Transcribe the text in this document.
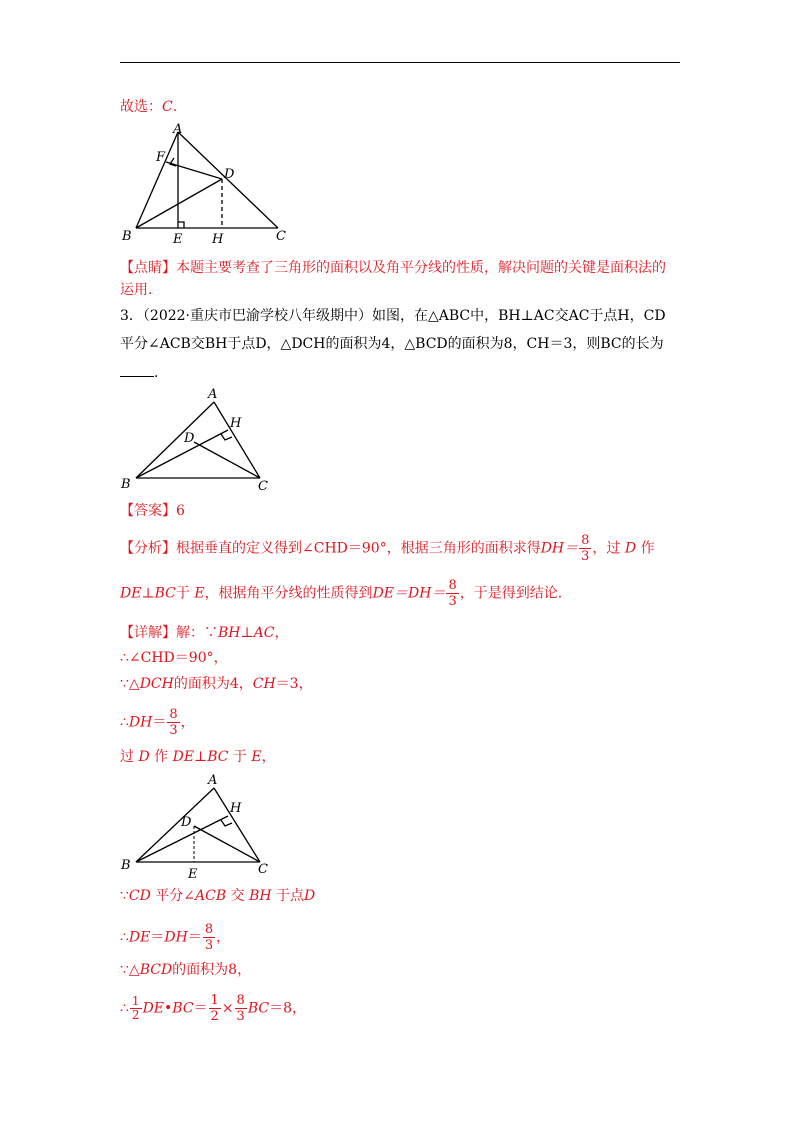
故选：C.
A
F
D
B	E H	C
【点睛】本题主要考查了三角形的面积以及角平分线的性质，解决问题的关键是面积法的
运用.
3．（2022·重庆市巴渝学校八年级期中）如图，在△ABC中，BH⊥AC交AC于点H，CD
平分∠ACB交BH于点D，△DCH的面积为4，△BCD的面积为8，CH＝3，则BC的长为
.
A
H
D
B	C
【答案】6
【分析】根据垂直的定义得到∠CHD＝90°，根据三角形的面积求得$DH= \frac{8}{3}$ ，过 D 作
DE⊥BC于 E，根据角平分线的性质得到$DE=DH= \frac{8}{3}$ ，于是得到结论.
【详解】解：∵BH⊥AC，
∴∠CHD＝90°，
∵△DCH的面积为4，CH＝3，
∴DH＝ $\frac{8}{3}$ ，
过 D 作 DE⊥BC 于 E，
A
H
D
B
E	C
∵CD 平分∠ACB 交 BH 于点D
∴DE＝DH＝ $\frac{8}{3}$ ，
∵△BCD的面积为8，
∴ $\frac{1}{2}$ DE•BC＝ $\frac{1}{2} \times \frac{8}{3} BC=8$，
